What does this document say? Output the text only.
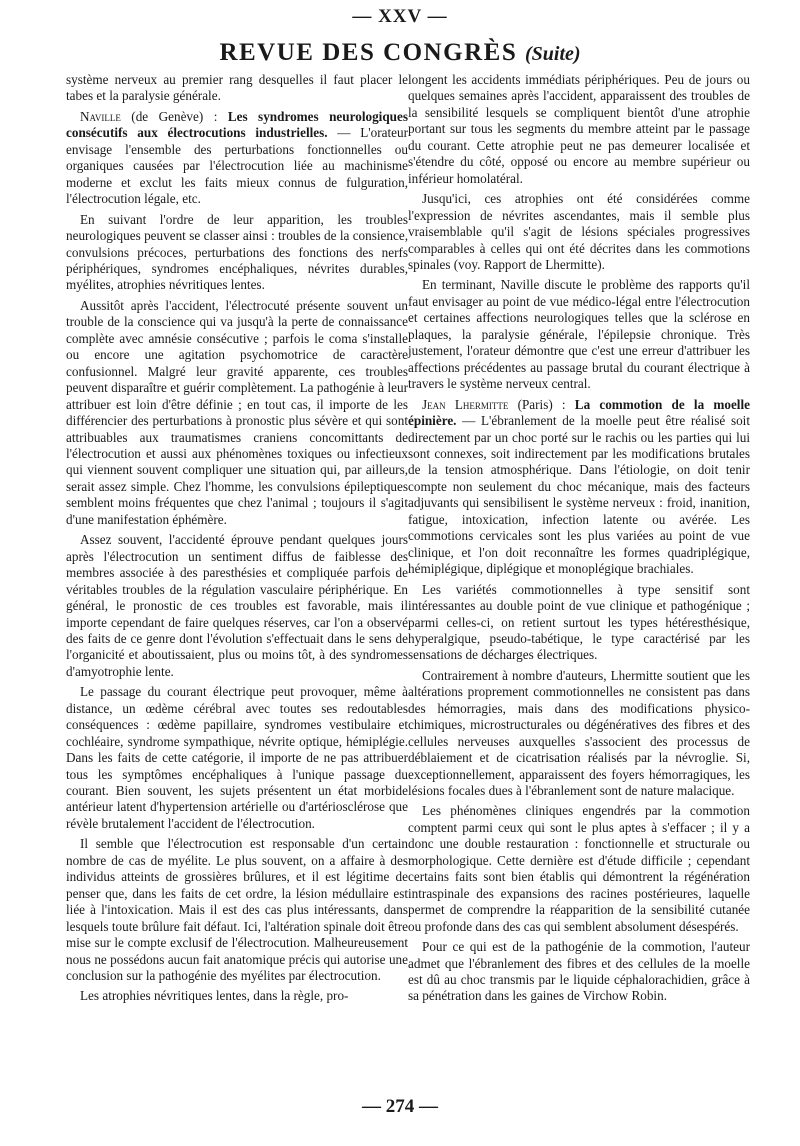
— XXV —
REVUE DES CONGRÈS (Suite)

système nerveux au premier rang desquelles il faut placer le tabes et la paralysie générale.

Naville (de Genève) : Les syndromes neurologiques consécutifs aux électrocutions industrielles. — L'orateur envisage l'ensemble des perturbations fonctionnelles ou organiques causées par l'électrocution liée au machinisme moderne et exclut les faits mieux connus de fulguration, l'électrocution légale, etc.

En suivant l'ordre de leur apparition, les troubles neurologiques peuvent se classer ainsi : troubles de la consience, convulsions précoces, perturbations des fonctions des nerfs périphériques, syndromes encéphaliques, névrites durables, myélites, atrophies névritiques lentes.

Aussitôt après l'accident, l'électrocuté présente souvent un trouble de la conscience qui va jusqu'à la perte de connaissance complète avec amnésie consécutive ; parfois le coma s'installe ou encore une agitation psychomotrice de caractère confusionnel. Malgré leur gravité apparente, ces troubles peuvent disparaître et guérir complètement. La pathogénie à leur attribuer est loin d'être définie ; en tout cas, il importe de les différencier des perturbations à pronostic plus sévère et qui sont attribuables aux traumatismes craniens concomittants de l'électrocution et aussi aux phénomènes toxiques ou infectieux qui viennent souvent compliquer une situation qui, par ailleurs, serait assez simple. Chez l'homme, les convulsions épileptiques semblent moins fréquentes que chez l'animal ; toujours il s'agit d'une manifestation éphémère.

Assez souvent, l'accidenté éprouve pendant quelques jours après l'électrocution un sentiment diffus de faiblesse des membres associée à des paresthésies et compliquée parfois de véritables troubles de la régulation vasculaire périphérique. En général, le pronostic de ces troubles est favorable, mais il importe cependant de faire quelques réserves, car l'on a observé des faits de ce genre dont l'évolution s'effectuait dans le sens de l'organicité et aboutissaient, plus ou moins tôt, à des syndromes d'amyotrophie lente.

Le passage du courant électrique peut provoquer, même à distance, un œdème cérébral avec toutes ses redoutables conséquences : œdème papillaire, syndromes vestibulaire et cochléaire, syndrome sympathique, névrite optique, hémiplégie. Dans les faits de cette catégorie, il importe de ne pas attribuer tous les symptômes encéphaliques à l'unique passage du courant. Bien souvent, les sujets présentent un état morbide antérieur latent d'hypertension artérielle ou d'artériosclérose que révèle brutalement l'accident de l'électrocution.

Il semble que l'électrocution est responsable d'un certain nombre de cas de myélite. Le plus souvent, on a affaire à des individus atteints de grossières brûlures, et il est légitime de penser que, dans les faits de cet ordre, la lésion médullaire est liée à l'intoxication. Mais il est des cas plus intéressants, dans lesquels toute brûlure fait défaut. Ici, l'altération spinale doit être mise sur le compte exclusif de l'électrocution. Malheureusement nous ne possédons aucun fait anatomique précis qui autorise une conclusion sur la pathogénie des myélites par électrocution.

Les atrophies névritiques lentes, dans la règle, pro-

longent les accidents immédiats périphériques. Peu de jours ou quelques semaines après l'accident, apparaissent des troubles de la sensibilité lesquels se compliquent bientôt d'une atrophie portant sur tous les segments du membre atteint par le passage du courant. Cette atrophie peut ne pas demeurer localisée et s'étendre du côté, opposé ou encore au membre supérieur ou inférieur homolatéral.

Jusqu'ici, ces atrophies ont été considérées comme l'expression de névrites ascendantes, mais il semble plus vraisemblable qu'il s'agit de lésions spéciales progressives comparables à celles qui ont été décrites dans les commotions spinales (voy. Rapport de Lhermitte).

En terminant, Naville discute le problème des rapports qu'il faut envisager au point de vue médico-légal entre l'électrocution et certaines affections neurologiques telles que la sclérose en plaques, la paralysie générale, l'épilepsie chronique. Très justement, l'orateur démontre que c'est une erreur d'attribuer les affections précédentes au passage brutal du courant électrique à travers le système nerveux central.

Jean Lhermitte (Paris) : La commotion de la moelle épinière. — L'ébranlement de la moelle peut être réalisé soit directement par un choc porté sur le rachis ou les parties qui lui sont connexes, soit indirectement par les modifications brutales de la tension atmosphérique. Dans l'étiologie, on doit tenir compte non seulement du choc mécanique, mais des facteurs adjuvants qui sensibilisent le système nerveux : froid, inanition, fatigue, intoxication, infection latente ou avérée. Les commotions cervicales sont les plus variées au point de vue clinique, et l'on doit reconnaître les formes quadriplégique, hémiplégique, diplégique et monoplégique brachiales.

Les variétés commotionnelles à type sensitif sont intéressantes au double point de vue clinique et pathogénique ; parmi celles-ci, on retient surtout les types hétéresthésique, hyperalgique, pseudo-tabétique, le type caractérisé par les sensations de décharges électriques.

Contrairement à nombre d'auteurs, Lhermitte soutient que les altérations proprement commotionnelles ne consistent pas dans des hémorragies, mais dans des modifications physico-chimiques, microstructurales ou dégénératives des fibres et des cellules nerveuses auxquelles s'associent des processus de déblaiement et de cicatrisation réalisés par la névroglie. Si, exceptionnellement, apparaissent des foyers hémorragiques, les lésions focales dues à l'ébranlement sont de nature malacique.

Les phénomènes cliniques engendrés par la commotion comptent parmi ceux qui sont le plus aptes à s'effacer ; il y a donc une double restauration : fonctionnelle et structurale ou morphologique. Cette dernière est d'étude difficile ; cependant certains faits sont bien établis qui démontrent la régénération intraspinale des expansions des racines postérieures, laquelle permet de comprendre la réapparition de la sensibilité cutanée ou profonde dans des cas qui semblent absolument désespérés.

Pour ce qui est de la pathogénie de la commotion, l'auteur admet que l'ébranlement des fibres et des cellules de la moelle est dû au choc transmis par le liquide céphalorachidien, grâce à sa pénétration dans les gaines de Virchow Robin.

— 274 —
